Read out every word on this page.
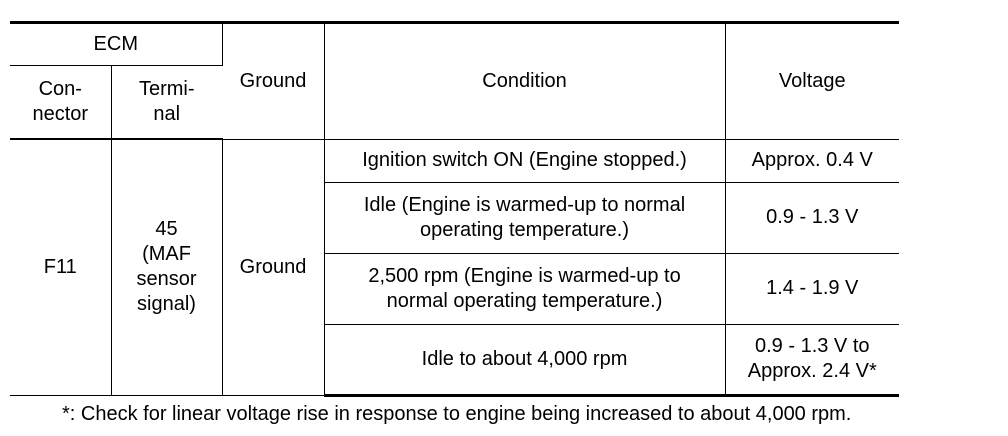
ECM		Ground	Condition	Voltage

Con-
nector	Termi-
nal			

F11	45
(MAF
sensor
signal)	Ground	Ignition switch ON (Engine stopped.)	Approx. 0.4 V

			Idle (Engine is warmed-up to normal
operating temperature.)	0.9 - 1.3 V

			2,500 rpm (Engine is warmed-up to
normal operating temperature.)	1.4 - 1.9 V

			Idle to about 4,000 rpm	0.9 - 1.3 V to
Approx. 2.4 V*
*: Check for linear voltage rise in response to engine being increased to about 4,000 rpm.
